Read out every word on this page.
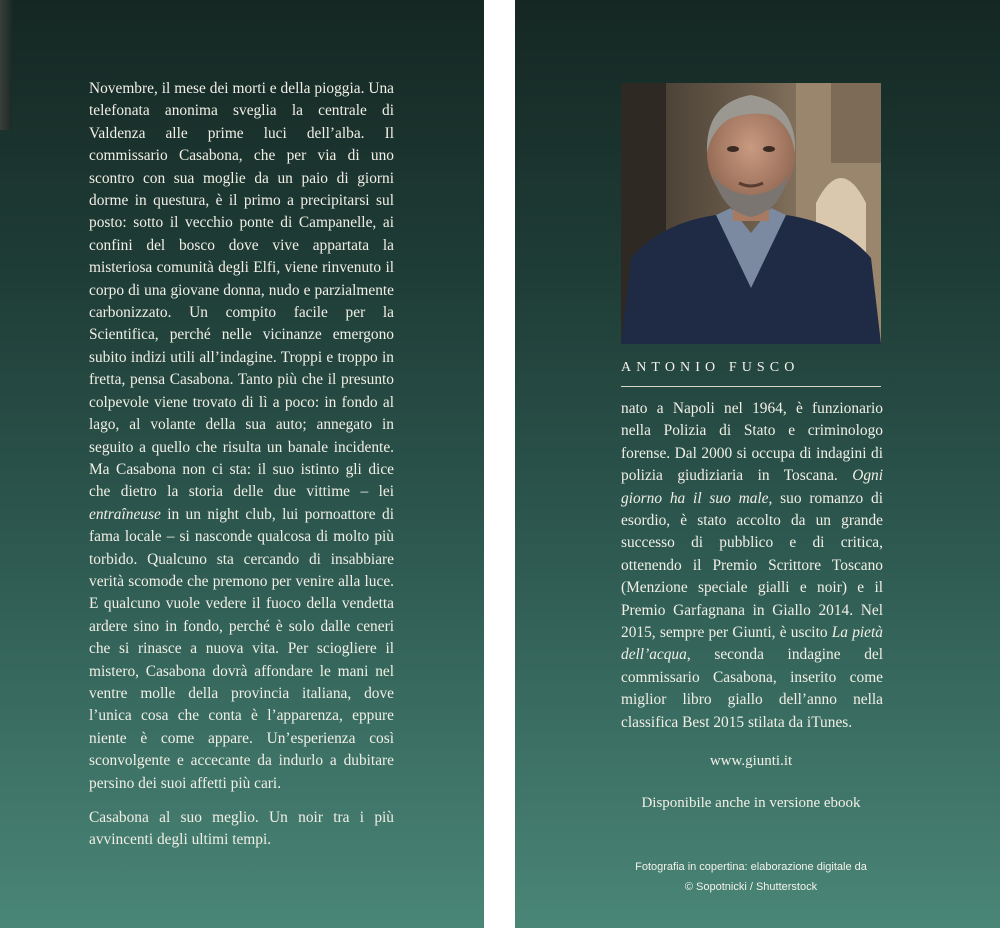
Novembre, il mese dei morti e della pioggia. Una telefonata anonima sveglia la centrale di Valdenza alle prime luci dell’alba. Il commissario Casabona, che per via di uno scontro con sua moglie da un paio di giorni dorme in questura, è il primo a precipitarsi sul posto: sotto il vecchio ponte di Campanelle, ai confini del bosco dove vive appartata la misteriosa comunità degli Elfi, viene rinvenuto il corpo di una giovane donna, nudo e parzialmente carbonizzato. Un compito facile per la Scientifica, perché nelle vicinanze emergono subito indizi utili all’indagine. Troppi e troppo in fretta, pensa Casabona. Tanto più che il presunto colpevole viene trovato di lì a poco: in fondo al lago, al volante della sua auto; annegato in seguito a quello che risulta un banale incidente. Ma Casabona non ci sta: il suo istinto gli dice che dietro la storia delle due vittime – lei entraîneuse in un night club, lui pornoattore di fama locale – si nasconde qualcosa di molto più torbido. Qualcuno sta cercando di insabbiare verità scomode che premono per venire alla luce. E qualcuno vuole vedere il fuoco della vendetta ardere sino in fondo, perché è solo dalle ceneri che si rinasce a nuova vita. Per sciogliere il mistero, Casabona dovrà affondare le mani nel ventre molle della provincia italiana, dove l’unica cosa che conta è l’apparenza, eppure niente è come appare. Un’esperienza così sconvolgente e accecante da indurlo a dubitare persino dei suoi affetti più cari.

Casabona al suo meglio. Un noir tra i più avvincenti degli ultimi tempi.

ANTONIO FUSCO
nato a Napoli nel 1964, è funzionario nella Polizia di Stato e criminologo forense. Dal 2000 si occupa di indagini di polizia giudiziaria in Toscana. Ogni giorno ha il suo male, suo romanzo di esordio, è stato accolto da un grande successo di pubblico e di critica, ottenendo il Premio Scrittore Toscano (Menzione speciale gialli e noir) e il Premio Garfagnana in Giallo 2014. Nel 2015, sempre per Giunti, è uscito La pietà dell’acqua, seconda indagine del commissario Casabona, inserito come miglior libro giallo dell’anno nella classifica Best 2015 stilata da iTunes.
www.giunti.it
Disponibile anche in versione ebook
Fotografia in copertina: elaborazione digitale da
© Sopotnicki / Shutterstock
